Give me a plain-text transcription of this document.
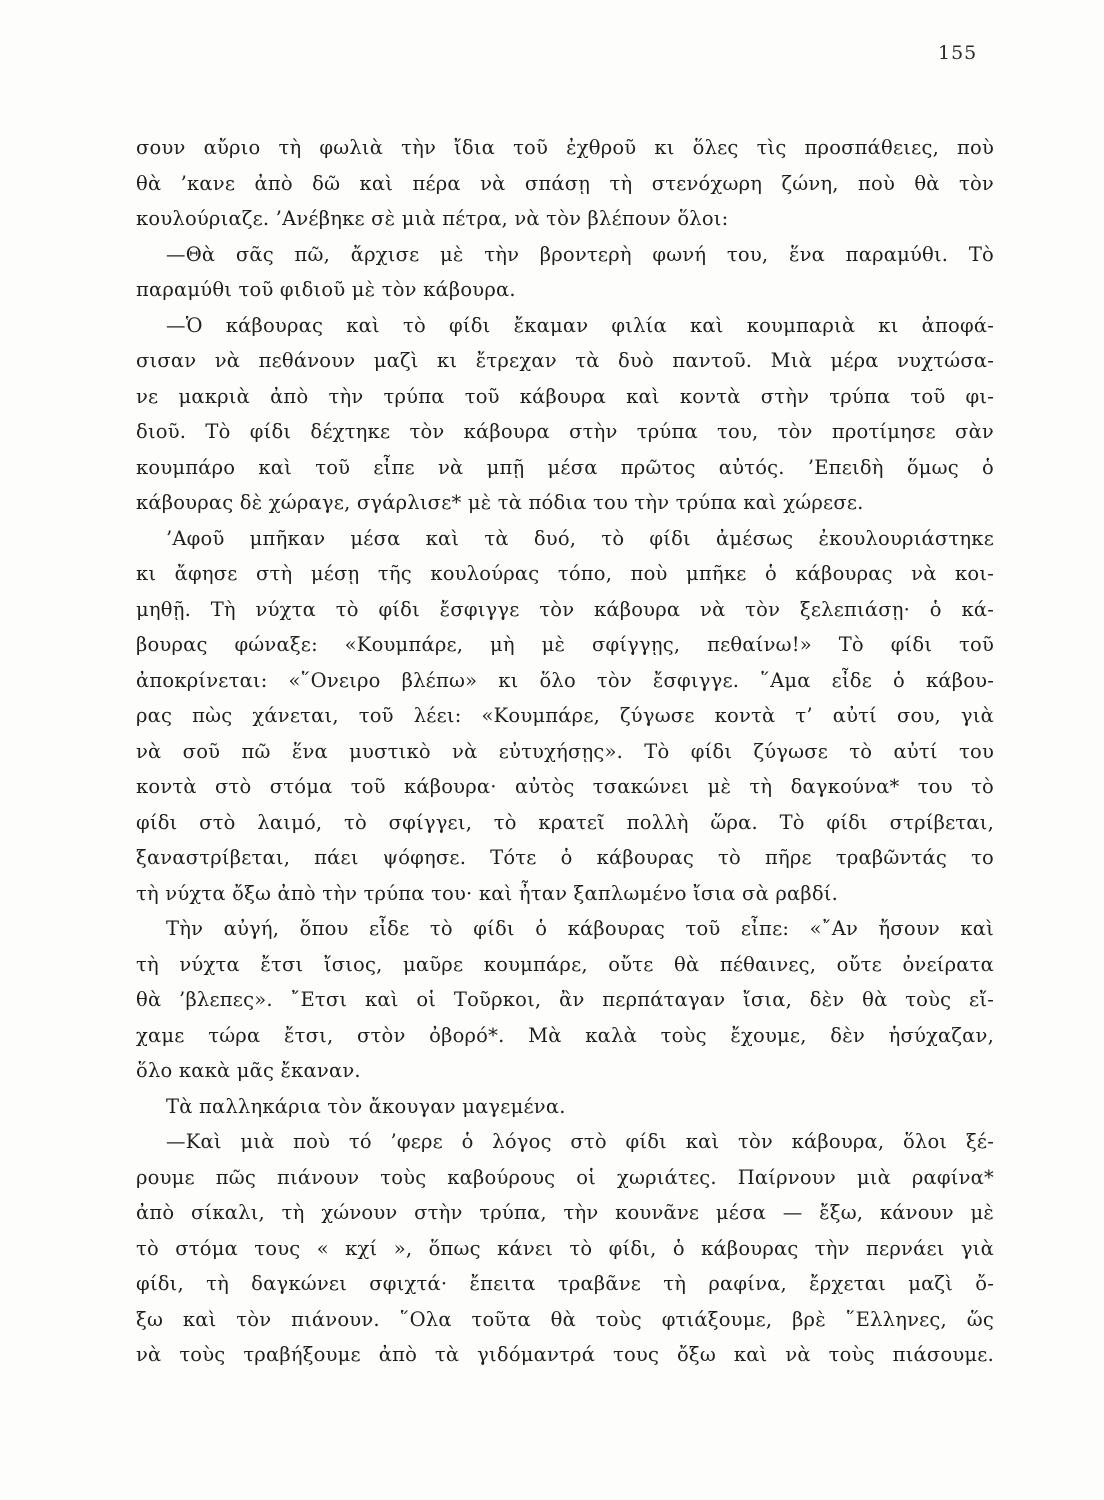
155
σουν αὔριο τὴ φωλιὰ τὴν ἴδια τοῦ ἐχθροῦ κι ὅλες τὶς προσπάθειες, ποὺ
θὰ ’κανε ἀπὸ δῶ καὶ πέρα νὰ σπάσῃ τὴ στενόχωρη ζώνη, ποὺ θὰ τὸν
κουλούριαζε. ’Ανέβηκε σὲ μιὰ πέτρα, νὰ τὸν βλέπουν ὅλοι:
—Θὰ σᾶς πῶ, ἄρχισε μὲ τὴν βροντερὴ φωνή του, ἕνα παραμύθι. Τὸ
παραμύθι τοῦ φιδιοῦ μὲ τὸν κάβουρα.
—Ὁ κάβουρας καὶ τὸ φίδι ἔκαμαν φιλία καὶ κουμπαριὰ κι ἀποφά-
σισαν νὰ πεθάνουν μαζὶ κι ἔτρεχαν τὰ δυὸ παντοῦ. Μιὰ μέρα νυχτώσα-
νε μακριὰ ἀπὸ τὴν τρύπα τοῦ κάβουρα καὶ κοντὰ στὴν τρύπα τοῦ φι-
διοῦ. Τὸ φίδι δέχτηκε τὸν κάβουρα στὴν τρύπα του, τὸν προτίμησε σὰν
κουμπάρο καὶ τοῦ εἶπε νὰ μπῇ μέσα πρῶτος αὐτός. ’Επειδὴ ὅμως ὁ
κάβουρας δὲ χώραγε, σγάρλισε* μὲ τὰ πόδια του τὴν τρύπα καὶ χώρεσε.
’Αφοῦ μπῆκαν μέσα καὶ τὰ δυό, τὸ φίδι ἀμέσως ἐκουλουριάστηκε
κι ἄφησε στὴ μέσῃ τῆς κουλούρας τόπο, ποὺ μπῆκε ὁ κάβουρας νὰ κοι-
μηθῇ. Τὴ νύχτα τὸ φίδι ἔσφιγγε τὸν κάβουρα νὰ τὸν ξελεπιάσῃ· ὁ κά-
βουρας φώναξε: «Κουμπάρε, μὴ μὲ σφίγγῃς, πεθαίνω!» Τὸ φίδι τοῦ
ἀποκρίνεται: «῞Ονειρο βλέπω» κι ὅλο τὸν ἔσφιγγε. ῞Αμα εἶδε ὁ κάβου-
ρας πὼς χάνεται, τοῦ λέει: «Κουμπάρε, ζύγωσε κοντὰ τ’ αὐτί σου, γιὰ
νὰ σοῦ πῶ ἕνα μυστικὸ νὰ εὐτυχήσῃς». Τὸ φίδι ζύγωσε τὸ αὐτί του
κοντὰ στὸ στόμα τοῦ κάβουρα· αὐτὸς τσακώνει μὲ τὴ δαγκούνα* του τὸ
φίδι στὸ λαιμό, τὸ σφίγγει, τὸ κρατεῖ πολλὴ ὥρα. Τὸ φίδι στρίβεται,
ξαναστρίβεται, πάει ψόφησε. Τότε ὁ κάβουρας τὸ πῆρε τραβῶντάς το
τὴ νύχτα ὄξω ἀπὸ τὴν τρύπα του· καὶ ἦταν ξαπλωμένο ἴσια σὰ ραβδί.
Τὴν αὐγή, ὅπου εἶδε τὸ φίδι ὁ κάβουρας τοῦ εἶπε: «῎Αν ἤσουν καὶ
τὴ νύχτα ἔτσι ἴσιος, μαῦρε κουμπάρε, οὔτε θὰ πέθαινες, οὔτε ὀνείρατα
θὰ ’βλεπες». ῎Ετσι καὶ οἱ Τοῦρκοι, ἂν περπάταγαν ἴσια, δὲν θὰ τοὺς εἴ-
χαμε τώρα ἔτσι, στὸν ὀβορό*. Μὰ καλὰ τοὺς ἔχουμε, δὲν ἡσύχαζαν,
ὅλο κακὰ μᾶς ἔκαναν.
Τὰ παλληκάρια τὸν ἄκουγαν μαγεμένα.
—Καὶ μιὰ ποὺ τό ’φερε ὁ λόγος στὸ φίδι καὶ τὸν κάβουρα, ὅλοι ξέ-
ρουμε πῶς πιάνουν τοὺς καβούρους οἱ χωριάτες. Παίρνουν μιὰ ραφίνα*
ἀπὸ σίκαλι, τὴ χώνουν στὴν τρύπα, τὴν κουνᾶνε μέσα — ἔξω, κάνουν μὲ
τὸ στόμα τους « κχί », ὅπως κάνει τὸ φίδι, ὁ κάβουρας τὴν περνάει γιὰ
φίδι, τὴ δαγκώνει σφιχτά· ἔπειτα τραβᾶνε τὴ ραφίνα, ἔρχεται μαζὶ ὄ-
ξω καὶ τὸν πιάνουν. ῞Ολα τοῦτα θὰ τοὺς φτιάξουμε, βρὲ ῞Ελληνες, ὥς
νὰ τοὺς τραβήξουμε ἀπὸ τὰ γιδόμαντρά τους ὄξω καὶ νὰ τοὺς πιάσουμε.
